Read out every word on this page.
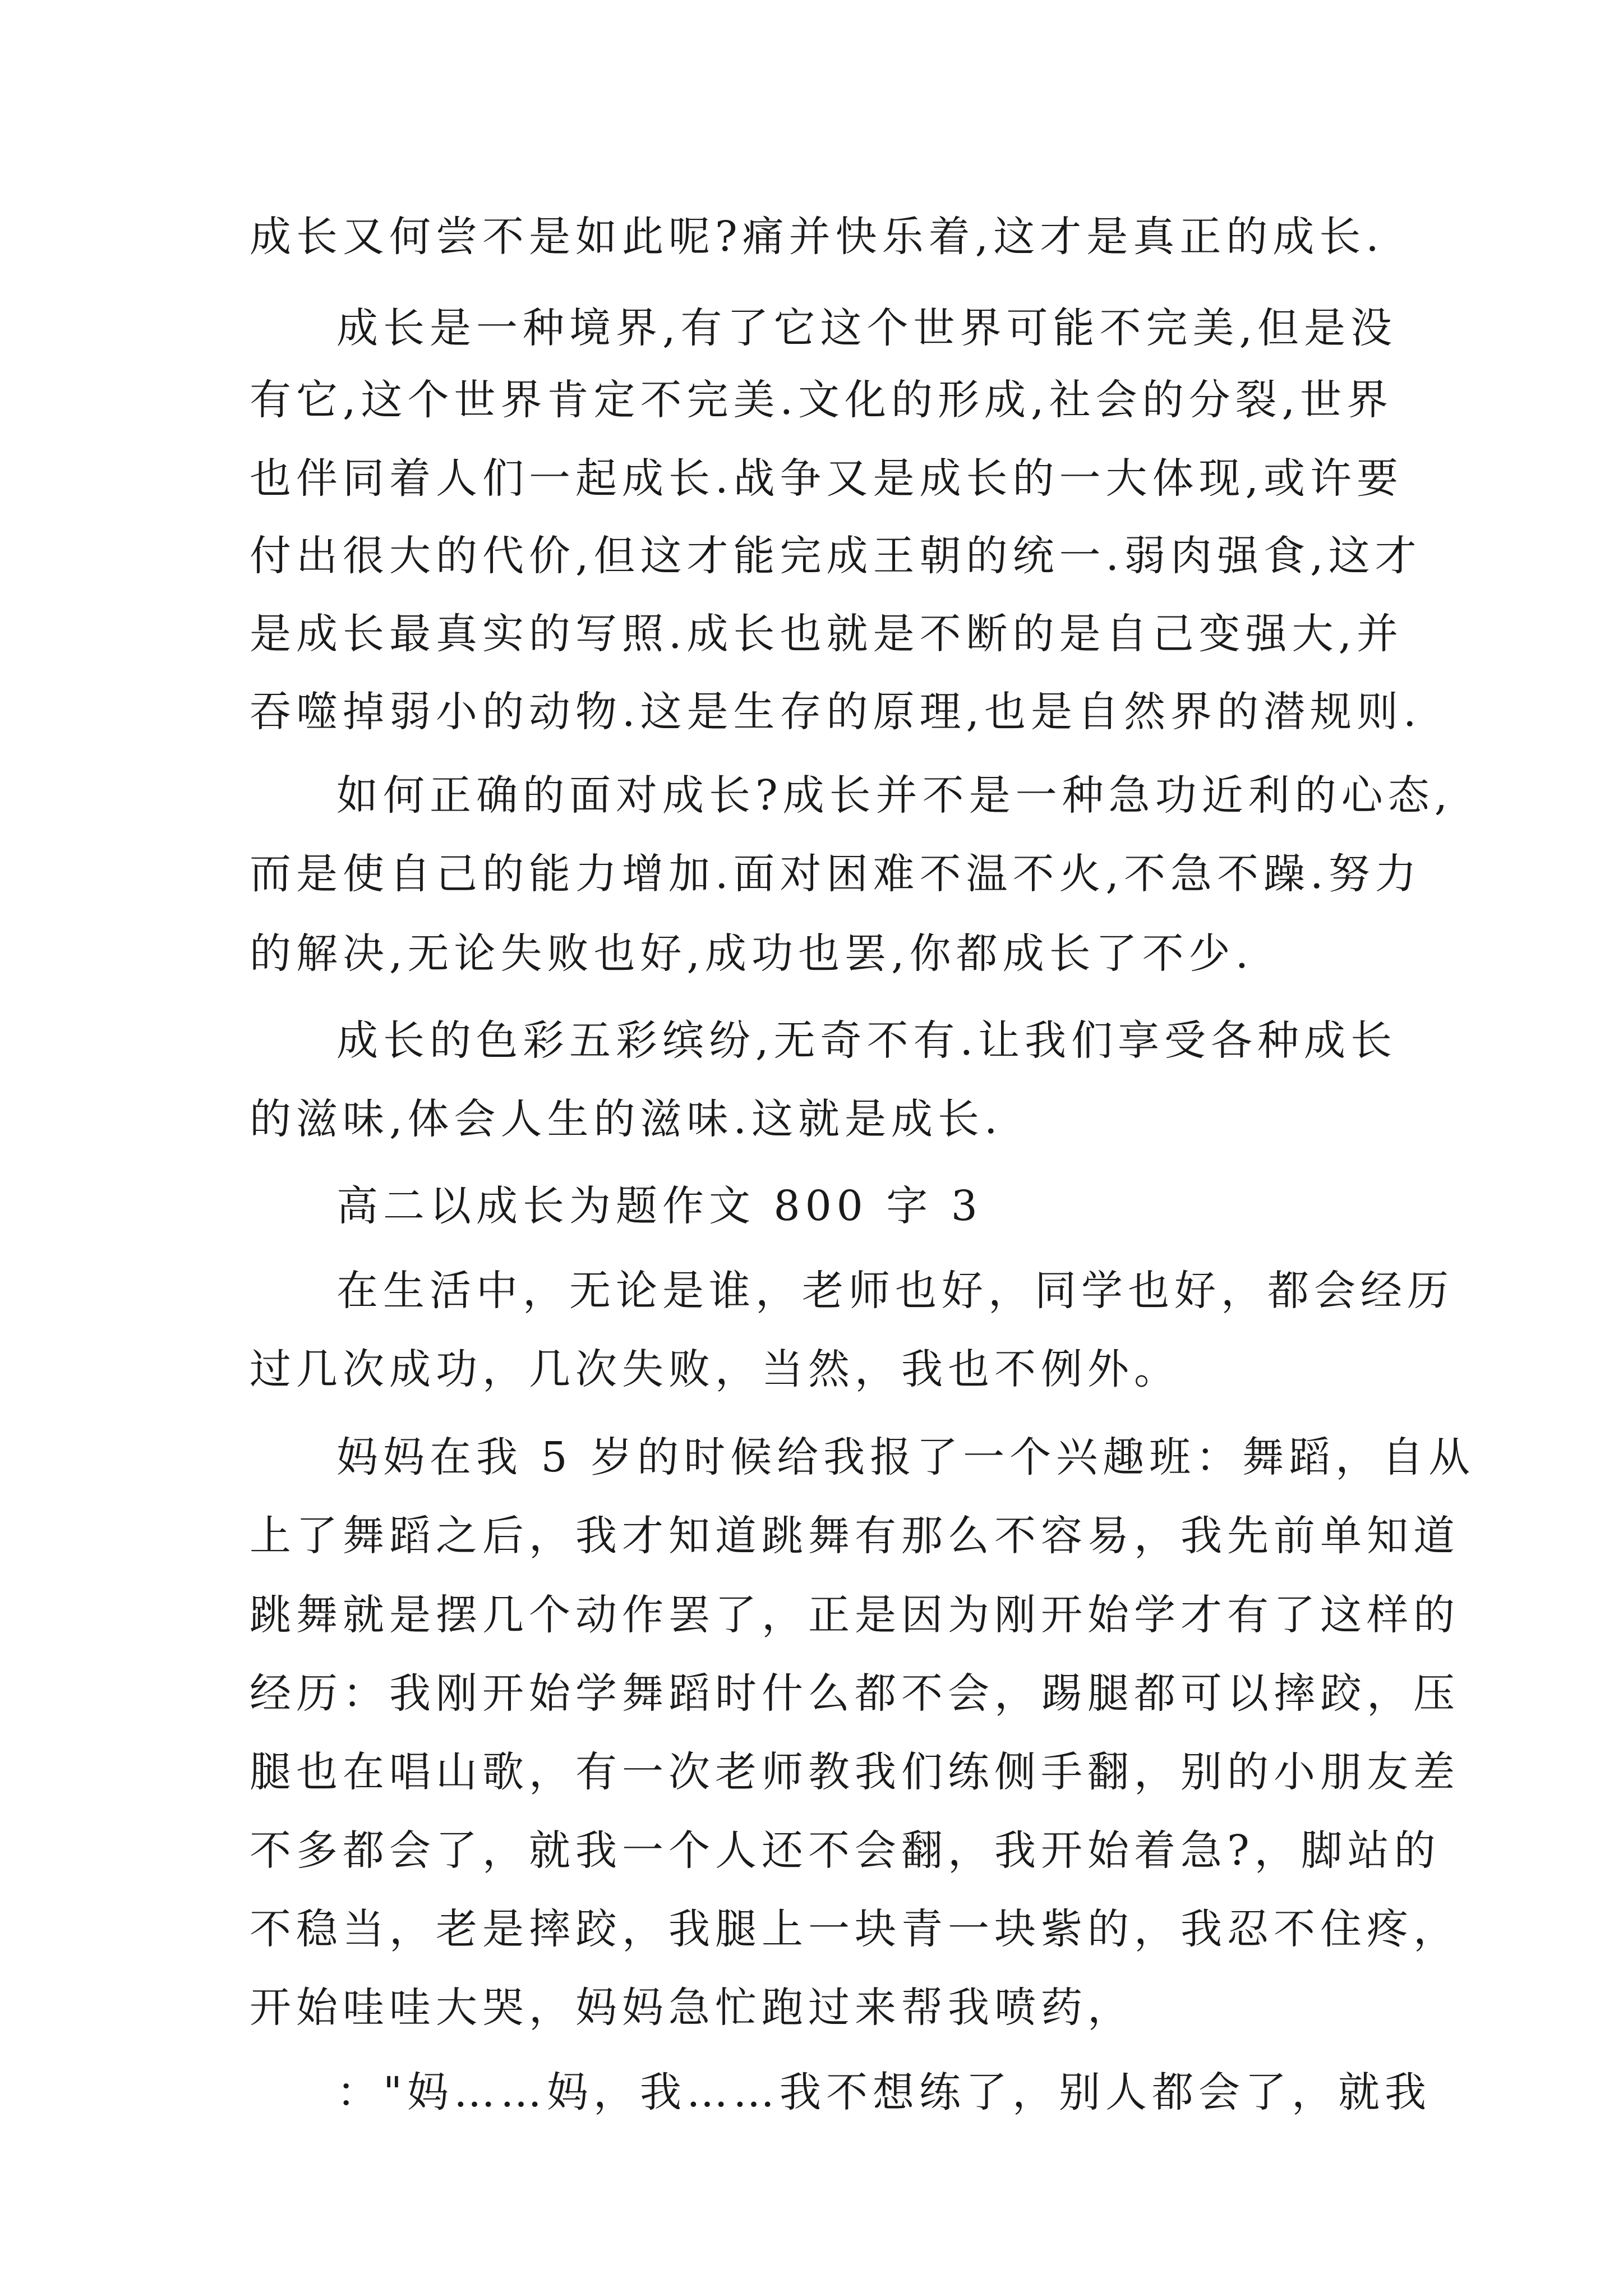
成长又何尝不是如此呢?痛并快乐着,这才是真正的成长.
成长是一种境界,有了它这个世界可能不完美,但是没
有它,这个世界肯定不完美.文化的形成,社会的分裂,世界
也伴同着人们一起成长.战争又是成长的一大体现,或许要
付出很大的代价,但这才能完成王朝的统一.弱肉强食,这才
是成长最真实的写照.成长也就是不断的是自己变强大,并
吞噬掉弱小的动物.这是生存的原理,也是自然界的潜规则.
如何正确的面对成长?成长并不是一种急功近利的心态,
而是使自己的能力增加.面对困难不温不火,不急不躁.努力
的解决,无论失败也好,成功也罢,你都成长了不少.
成长的色彩五彩缤纷,无奇不有.让我们享受各种成长
的滋味,体会人生的滋味.这就是成长.
高二以成长为题作文 800 字 3
在生活中，无论是谁，老师也好，同学也好，都会经历
过几次成功，几次失败，当然，我也不例外。
妈妈在我 5 岁的时候给我报了一个兴趣班：舞蹈，自从
上了舞蹈之后，我才知道跳舞有那么不容易，我先前单知道
跳舞就是摆几个动作罢了，正是因为刚开始学才有了这样的
经历：我刚开始学舞蹈时什么都不会，踢腿都可以摔跤，压
腿也在唱山歌，有一次老师教我们练侧手翻，别的小朋友差
不多都会了，就我一个人还不会翻，我开始着急?，脚站的
不稳当，老是摔跤，我腿上一块青一块紫的，我忍不住疼，
开始哇哇大哭，妈妈急忙跑过来帮我喷药，
："妈……妈，我……我不想练了，别人都会了，就我
